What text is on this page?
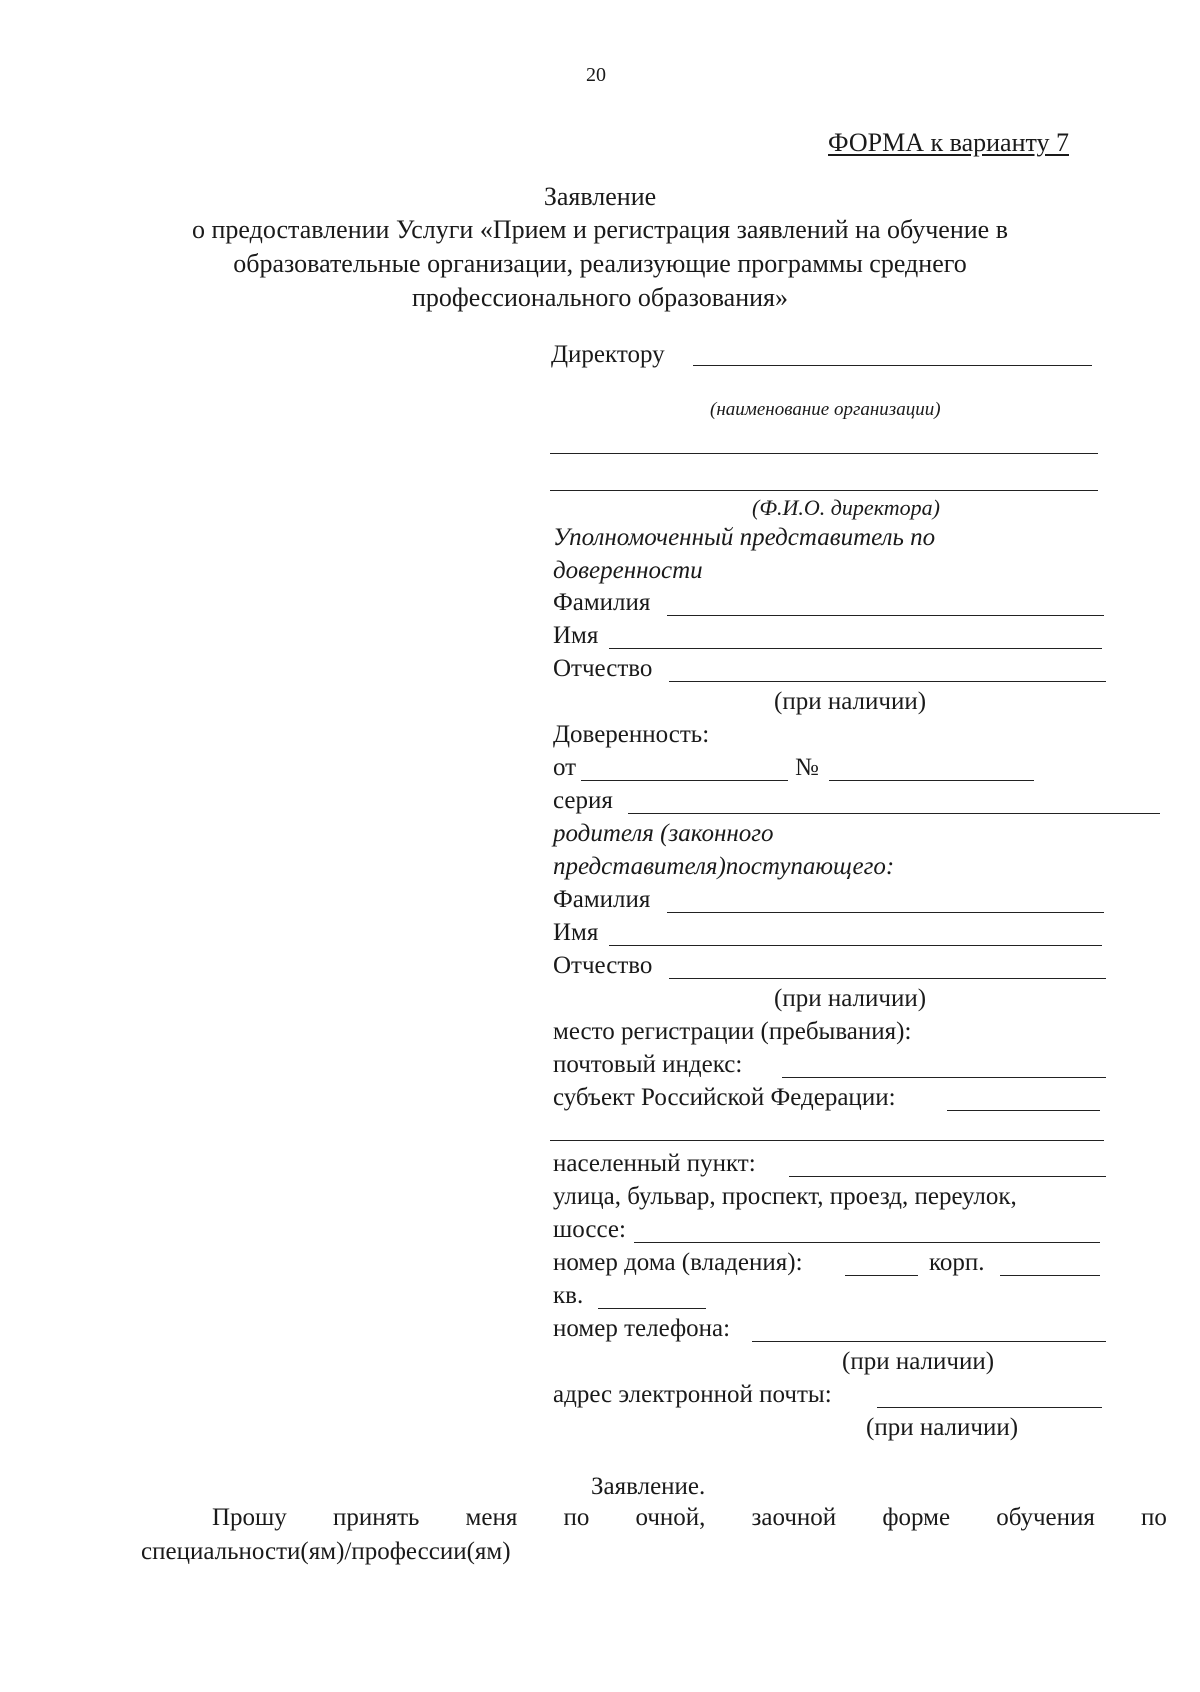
20
ФОРМА к варианту 7
Заявление
о предоставлении Услуги «Прием и регистрация заявлений на обучение в
образовательные организации, реализующие программы среднего
профессионального образования»
Директору
(наименование организации)
(Ф.И.О. директора)
Уполномоченный представитель по
доверенности
Фамилия
Имя
Отчество
(при наличии)
Доверенность:
от	№
серия
родителя (законного
представителя)поступающего:
Фамилия
Имя
Отчество
(при наличии)
место регистрации (пребывания):
почтовый индекс:
субъект Российской Федерации:
населенный пункт:
улица, бульвар, проспект, проезд, переулок,
шоссе:
номер дома (владения):	корп.
кв.
номер телефона:
(при наличии)
адрес электронной почты:
(при наличии)
Заявление.
Прошу принять меня по очной, заочной форме обучения по
специальности(ям)/профессии(ям)
